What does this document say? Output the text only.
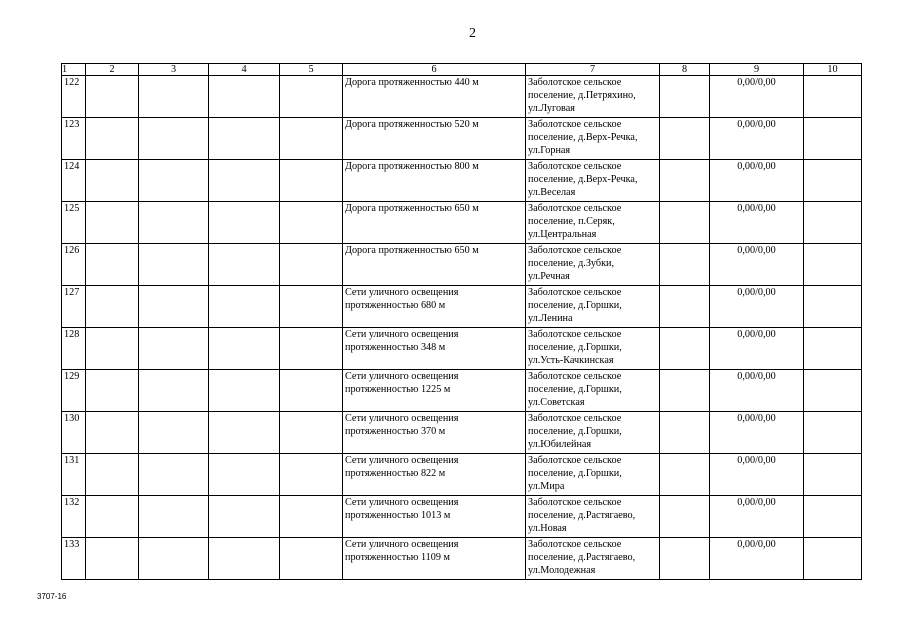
2
1	2	3	4	5	6	7	8	9	10
122					Дорога протяженностью 440 м	Заболотское сельское
поселение, д.Петряхино,
ул.Луговая		0,00/0,00	
123					Дорога протяженностью 520 м	Заболотское сельское
поселение, д.Верх-Речка,
ул.Горная		0,00/0,00	
124					Дорога протяженностью 800 м	Заболотское сельское
поселение, д.Верх-Речка,
ул.Веселая		0,00/0,00	
125					Дорога протяженностью 650 м	Заболотское сельское
поселение, п.Серяк,
ул.Центральная		0,00/0,00	
126					Дорога протяженностью 650 м	Заболотское сельское
поселение, д.Зубки,
ул.Речная		0,00/0,00	
127					Сети уличного освещения
протяженностью 680 м	Заболотское сельское
поселение, д.Горшки,
ул.Ленина		0,00/0,00	
128					Сети уличного освещения
протяженностью 348 м	Заболотское сельское
поселение, д.Горшки,
ул.Усть-Качкинская		0,00/0,00	
129					Сети уличного освещения
протяженностью 1225 м	Заболотское сельское
поселение, д.Горшки,
ул.Советская		0,00/0,00	
130					Сети уличного освещения
протяженностью 370 м	Заболотское сельское
поселение, д.Горшки,
ул.Юбилейная		0,00/0,00	
131					Сети уличного освещения
протяженностью 822 м	Заболотское сельское
поселение, д.Горшки,
ул.Мира		0,00/0,00	
132					Сети уличного освещения
протяженностью 1013 м	Заболотское сельское
поселение, д.Растягаево,
ул.Новая		0,00/0,00	
133					Сети уличного освещения
протяженностью 1109 м	Заболотское сельское
поселение, д.Растягаево,
ул.Молодежная		0,00/0,00	
3707-16
